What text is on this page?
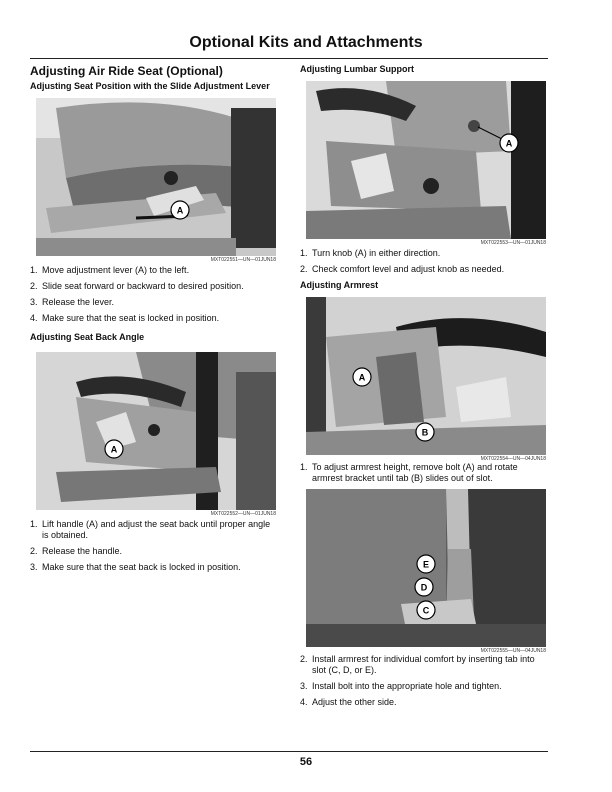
Optional Kits and Attachments
Adjusting Air Ride Seat (Optional)
Adjusting Seat Position with the Slide Adjustment Lever
A
MXT022551—UN—01JUN18
1. Move adjustment lever (A) to the left.
2. Slide seat forward or backward to desired position.
3. Release the lever.
4. Make sure that the seat is locked in position.
Adjusting Seat Back Angle
A
MXT022552—UN—01JUN18
1. Lift handle (A) and adjust the seat back until proper angle is obtained.
2. Release the handle.
3. Make sure that the seat back is locked in position.
Adjusting Lumbar Support
A
MXT022553—UN—01JUN18
1. Turn knob (A) in either direction.
2. Check comfort level and adjust knob as needed.
Adjusting Armrest
A
B
MXT022554—UN—04JUN18
1. To adjust armrest height, remove bolt (A) and rotate armrest bracket until tab (B) slides out of slot.
E
D
C
MXT022555—UN—04JUN18
2. Install armrest for individual comfort by inserting tab into slot (C, D, or E).
3. Install bolt into the appropriate hole and tighten.
4. Adjust the other side.
56
